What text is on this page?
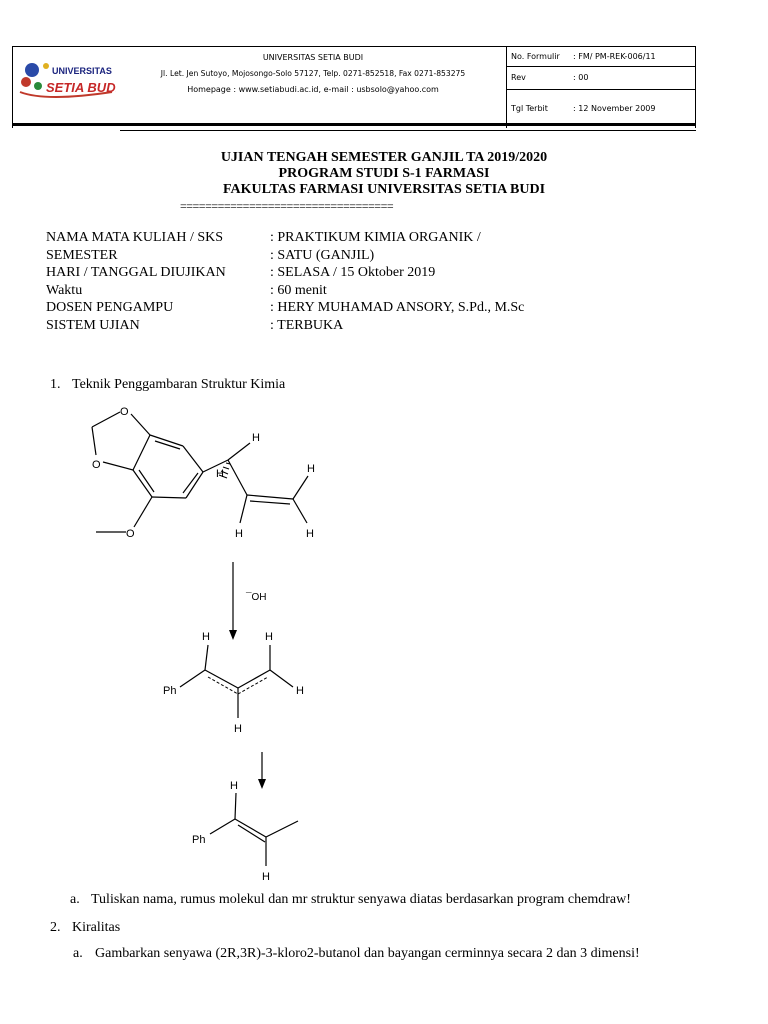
UNIVERSITAS
SETIA BUDI
UNIVERSITAS SETIA BUDI
Jl. Let. Jen Sutoyo, Mojosongo-Solo 57127, Telp. 0271-852518, Fax 0271-853275
Homepage : www.setiabudi.ac.id, e-mail : usbsolo@yahoo.com
No. Formulir : FM/ PM-REK-006/11
Rev	: 00
Tgl Terbit	: 12 November 2009
UJIAN TENGAH SEMESTER GANJIL TA 2019/2020
PROGRAM STUDI S-1 FARMASI
FAKULTAS FARMASI UNIVERSITAS SETIA BUDI
==================================
NAMA MATA KULIAH / SKS	: PRAKTIKUM KIMIA ORGANIK /
SEMESTER	: SATU (GANJIL)
HARI / TANGGAL DIUJIKAN	: SELASA / 15 Oktober 2019
Waktu	: 60 menit
DOSEN PENGAMPU	: HERY MUHAMAD ANSORY, S.Pd., M.Sc
SISTEM UJIAN	: TERBUKA
1. Teknik Penggambaran Struktur Kimia
O
O
O
H
H	H
H	H
¯OH
H	H
Ph	H
H
H
Ph
H
a. Tuliskan nama, rumus molekul dan mr struktur senyawa diatas berdasarkan program chemdraw!
2. Kiralitas
a. Gambarkan senyawa (2R,3R)-3-kloro2-butanol dan bayangan cerminnya secara 2 dan 3 dimensi!
